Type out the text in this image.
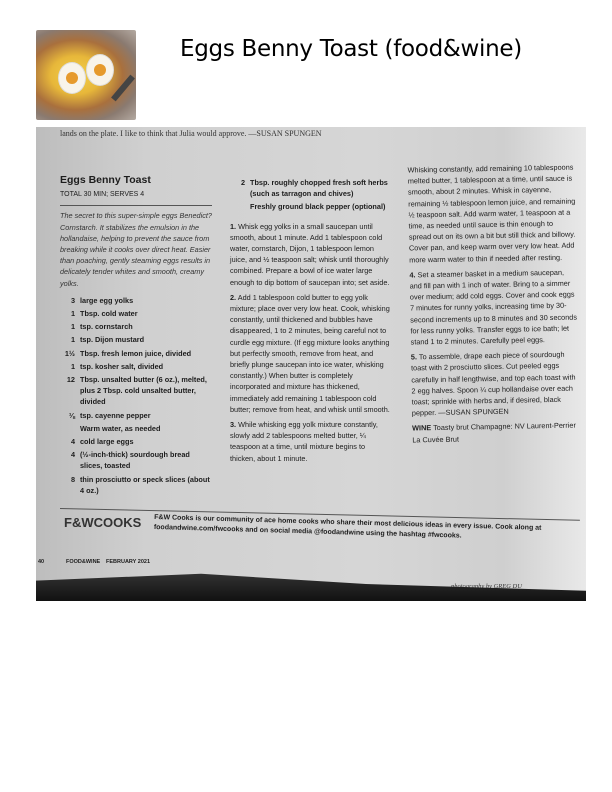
Eggs Benny Toast (food&wine)
lands on the plate. I like to think that Julia would approve. —SUSAN SPUNGEN
Eggs Benny Toast
TOTAL 30 MIN; SERVES 4
The secret to this super-simple eggs Benedict? Cornstarch. It stabilizes the emulsion in the hollandaise, helping to prevent the sauce from breaking while it cooks over direct heat. Easier than poaching, gently steaming eggs results in delicately tender whites and smooth, creamy yolks.
3 large egg yolks
1 Tbsp. cold water
1 tsp. cornstarch
1 tsp. Dijon mustard
1½ Tbsp. fresh lemon juice, divided
1 tsp. kosher salt, divided
12 Tbsp. unsalted butter (6 oz.), melted, plus 2 Tbsp. cold unsalted butter, divided
⅛ tsp. cayenne pepper
Warm water, as needed
4 cold large eggs
4 (½-inch-thick) sourdough bread slices, toasted
8 thin prosciutto or speck slices (about 4 oz.)
2 Tbsp. roughly chopped fresh soft herbs (such as tarragon and chives)
Freshly ground black pepper (optional)

1. Whisk egg yolks in a small saucepan until smooth, about 1 minute. Add 1 tablespoon cold water, cornstarch, Dijon, 1 tablespoon lemon juice, and ½ teaspoon salt; whisk until thoroughly combined. Prepare a bowl of ice water large enough to dip bottom of saucepan into; set aside.

2. Add 1 tablespoon cold butter to egg yolk mixture; place over very low heat. Cook, whisking constantly, until thickened and bubbles have disappeared, 1 to 2 minutes, being careful not to curdle egg mixture. (If egg mixture looks anything but perfectly smooth, remove from heat, and briefly plunge saucepan into ice water, whisking constantly.) When butter is completely incorporated and mixture has thickened, immediately add remaining 1 tablespoon cold butter; remove from heat, and whisk until smooth.

3. While whisking egg yolk mixture constantly, slowly add 2 tablespoons melted butter, ¼ teaspoon at a time, until mixture begins to thicken, about 1 minute.

Whisking constantly, add remaining 10 tablespoons melted butter, 1 tablespoon at a time, until sauce is smooth, about 2 minutes. Whisk in cayenne, remaining ½ tablespoon lemon juice, and remaining ½ teaspoon salt. Add warm water, 1 teaspoon at a time, as needed until sauce is thin enough to spread out on its own a bit but still thick and billowy. Cover pan, and keep warm over very low heat. Add more warm water to thin if needed after resting.

4. Set a steamer basket in a medium saucepan, and fill pan with 1 inch of water. Bring to a simmer over medium; add cold eggs. Cover and cook eggs 7 minutes for runny yolks, increasing time by 30-second increments up to 8 minutes and 30 seconds for less runny yolks. Transfer eggs to ice bath; let stand 1 to 2 minutes. Carefully peel eggs.

5. To assemble, drape each piece of sourdough toast with 2 prosciutto slices. Cut peeled eggs carefully in half lengthwise, and top each toast with 2 egg halves. Spoon ¼ cup hollandaise over each toast; sprinkle with herbs and, if desired, black pepper. —SUSAN SPUNGEN

WINE Toasty brut Champagne: NV Laurent-Perrier La Cuvée Brut

F&WCOOKS F&W Cooks is our community of ace home cooks who share their most delicious ideas in every issue. Cook along at foodandwine.com/fwcooks and on social media @foodandwine using the hashtag #fwcooks.
40	FOOD&WINE FEBRUARY 2021
photography by GREG DU
